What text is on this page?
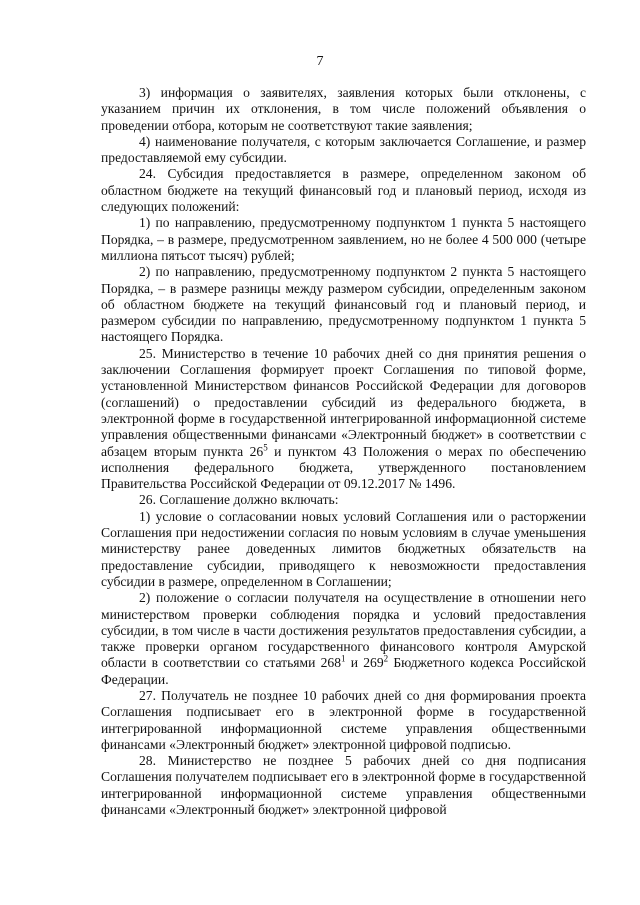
7

3) информация о заявителях, заявления которых были отклонены, с указанием причин их отклонения, в том числе положений объявления о проведении отбора, которым не соответствуют такие заявления;

4) наименование получателя, с которым заключается Соглашение, и размер предоставляемой ему субсидии.

24. Субсидия предоставляется в размере, определенном законом об областном бюджете на текущий финансовый год и плановый период, исходя из следующих положений:

1) по направлению, предусмотренному подпунктом 1 пункта 5 настоящего Порядка, – в размере, предусмотренном заявлением, но не более 4 500 000 (четыре миллиона пятьсот тысяч) рублей;

2) по направлению, предусмотренному подпунктом 2 пункта 5 настоящего Порядка, – в размере разницы между размером субсидии, определенным законом об областном бюджете на текущий финансовый год и плановый период, и размером субсидии по направлению, предусмотренному подпунктом 1 пункта 5 настоящего Порядка.

25. Министерство в течение 10 рабочих дней со дня принятия решения о заключении Соглашения формирует проект Соглашения по типовой форме, установленной Министерством финансов Российской Федерации для договоров (соглашений) о предоставлении субсидий из федерального бюджета, в электронной форме в государственной интегрированной информационной системе управления общественными финансами «Электронный бюджет» в соответствии с абзацем вторым пункта $26^5$ и пунктом 43 Положения о мерах по обеспечению исполнения федерального бюджета, утвержденного постановлением Правительства Российской Федерации от 09.12.2017 № 1496.

26. Соглашение должно включать:

1) условие о согласовании новых условий Соглашения или о расторжении Соглашения при недостижении согласия по новым условиям в случае уменьшения министерству ранее доведенных лимитов бюджетных обязательств на предоставление субсидии, приводящего к невозможности предоставления субсидии в размере, определенном в Соглашении;

2) положение о согласии получателя на осуществление в отношении него министерством проверки соблюдения порядка и условий предоставления субсидии, в том числе в части достижения результатов предоставления субсидии, а также проверки органом государственного финансового контроля Амурской области в соответствии со статьями $268^1$ и $269^2$ Бюджетного кодекса Российской Федерации.

27. Получатель не позднее 10 рабочих дней со дня формирования проекта Соглашения подписывает его в электронной форме в государственной интегрированной информационной системе управления общественными финансами «Электронный бюджет» электронной цифровой подписью.

28. Министерство не позднее 5 рабочих дней со дня подписания Соглашения получателем подписывает его в электронной форме в государственной интегрированной информационной системе управления общественными финансами «Электронный бюджет» электронной цифровой
